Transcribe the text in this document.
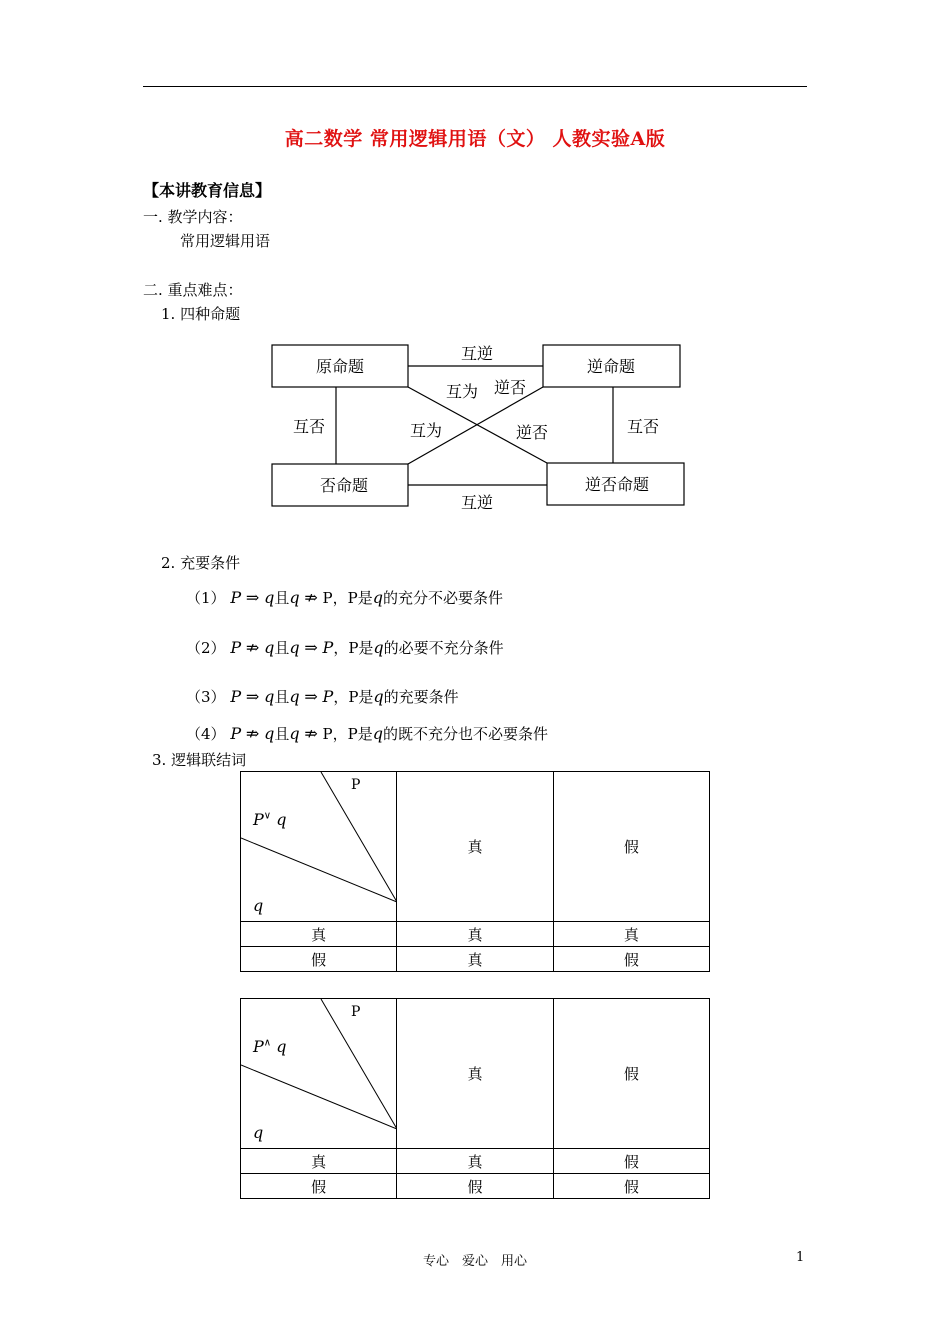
高二数学 常用逻辑用语（文） 人教实验A版
【本讲教育信息】
一. 教学内容：
常用逻辑用语
二. 重点难点：
1. 四种命题
原命题	逆命题
否命题	逆否命题
互逆
互逆
互否	互否
互为 逆否
互为	逆否
2. 充要条件
（1） P ⇒ q且q ⇏ P，P是q的充分不必要条件
（2） P ⇏ q且q ⇒ P，P是q的必要不充分条件
（3） P ⇒ q且q ⇒ P，P是q的充要条件
（4） P ⇏ q且q ⇏ P，P是q的既不充分也不必要条件
3. 逻辑联结词
P
P∨ q
q	真	假
真	真	真
假	真	假
P
P∧ q
q	真	假
真	真	假
假	假	假
专心　爱心　用心	1
